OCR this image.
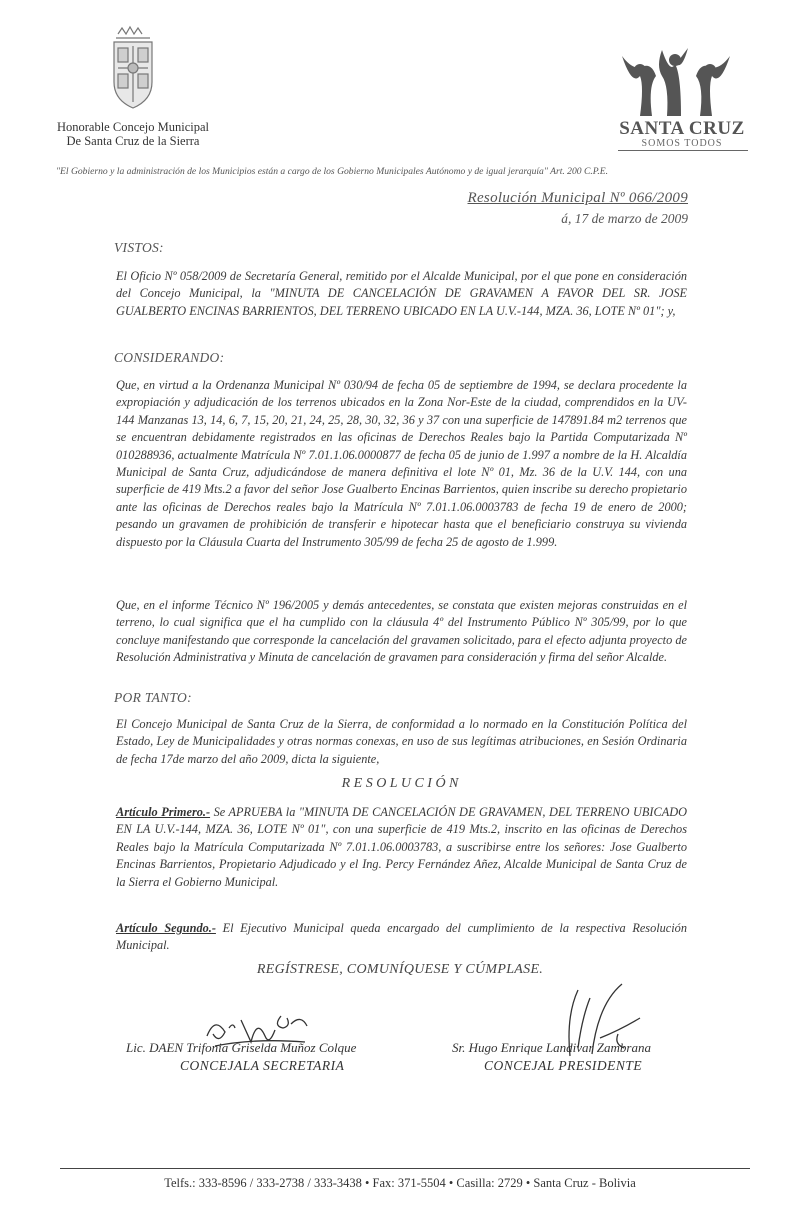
Honorable Concejo Municipal
De Santa Cruz de la Sierra
SANTA CRUZ
SOMOS TODOS
"El Gobierno y la administración de los Municipios están a cargo de los Gobierno Municipales Autónomo y de igual jerarquía" Art. 200 C.P.E.
Resolución Municipal Nº 066/2009
á, 17 de marzo de 2009
VISTOS:
El Oficio Nº 058/2009 de Secretaría General, remitido por el Alcalde Municipal, por el que pone en consideración del Concejo Municipal, la "MINUTA DE CANCELACIÓN DE GRAVAMEN A FAVOR DEL SR. JOSE GUALBERTO ENCINAS BARRIENTOS, DEL TERRENO UBICADO EN LA U.V.-144, MZA. 36, LOTE Nº 01"; y,
CONSIDERANDO:
Que, en virtud a la Ordenanza Municipal Nº 030/94 de fecha 05 de septiembre de 1994, se declara procedente la expropiación y adjudicación de los terrenos ubicados en la Zona Nor-Este de la ciudad, comprendidos en la UV-144 Manzanas 13, 14, 6, 7, 15, 20, 21, 24, 25, 28, 30, 32, 36 y 37 con una superficie de 147891.84 m2 terrenos que se encuentran debidamente registrados en las oficinas de Derechos Reales bajo la Partida Computarizada Nº 010288936, actualmente Matrícula Nº 7.01.1.06.0000877 de fecha 05 de junio de 1.997 a nombre de la H. Alcaldía Municipal de Santa Cruz, adjudicándose de manera definitiva el lote Nº 01, Mz. 36 de la U.V. 144, con una superficie de 419 Mts.2 a favor del señor Jose Gualberto Encinas Barrientos, quien inscribe su derecho propietario ante las oficinas de Derechos reales bajo la Matrícula Nº 7.01.1.06.0003783 de fecha 19 de enero de 2000; pesando un gravamen de prohibición de transferir e hipotecar hasta que el beneficiario construya su vivienda dispuesto por la Cláusula Cuarta del Instrumento 305/99 de fecha 25 de agosto de 1.999.
Que, en el informe Técnico Nº 196/2005 y demás antecedentes, se constata que existen mejoras construidas en el terreno, lo cual significa que el ha cumplido con la cláusula 4º del Instrumento Público Nº 305/99, por lo que concluye manifestando que corresponde la cancelación del gravamen solicitado, para el efecto adjunta proyecto de Resolución Administrativa y Minuta de cancelación de gravamen para consideración y firma del señor Alcalde.
POR TANTO:
El Concejo Municipal de Santa Cruz de la Sierra, de conformidad a lo normado en la Constitución Política del Estado, Ley de Municipalidades y otras normas conexas, en uso de sus legítimas atribuciones, en Sesión Ordinaria de fecha 17de marzo del año 2009, dicta la siguiente,
R E S O L U C I Ó N
Artículo Primero.- Se APRUEBA la "MINUTA DE CANCELACIÓN DE GRAVAMEN, DEL TERRENO UBICADO EN LA U.V.-144, MZA. 36, LOTE Nº 01", con una superficie de 419 Mts.2, inscrito en las oficinas de Derechos Reales bajo la Matrícula Computarizada Nº 7.01.1.06.0003783, a suscribirse entre los señores: Jose Gualberto Encinas Barrientos, Propietario Adjudicado y el Ing. Percy Fernández Añez, Alcalde Municipal de Santa Cruz de la Sierra el Gobierno Municipal.
Artículo Segundo.- El Ejecutivo Municipal queda encargado del cumplimiento de la respectiva Resolución Municipal.
REGÍSTRESE, COMUNÍQUESE Y CÚMPLASE.
Lic. DAEN Trifonia Griselda Muñoz Colque
CONCEJALA SECRETARIA
Sr. Hugo Enrique Landivar Zambrana
CONCEJAL PRESIDENTE
Telfs.: 333-8596 / 333-2738 / 333-3438 • Fax: 371-5504 • Casilla: 2729 • Santa Cruz - Bolivia
